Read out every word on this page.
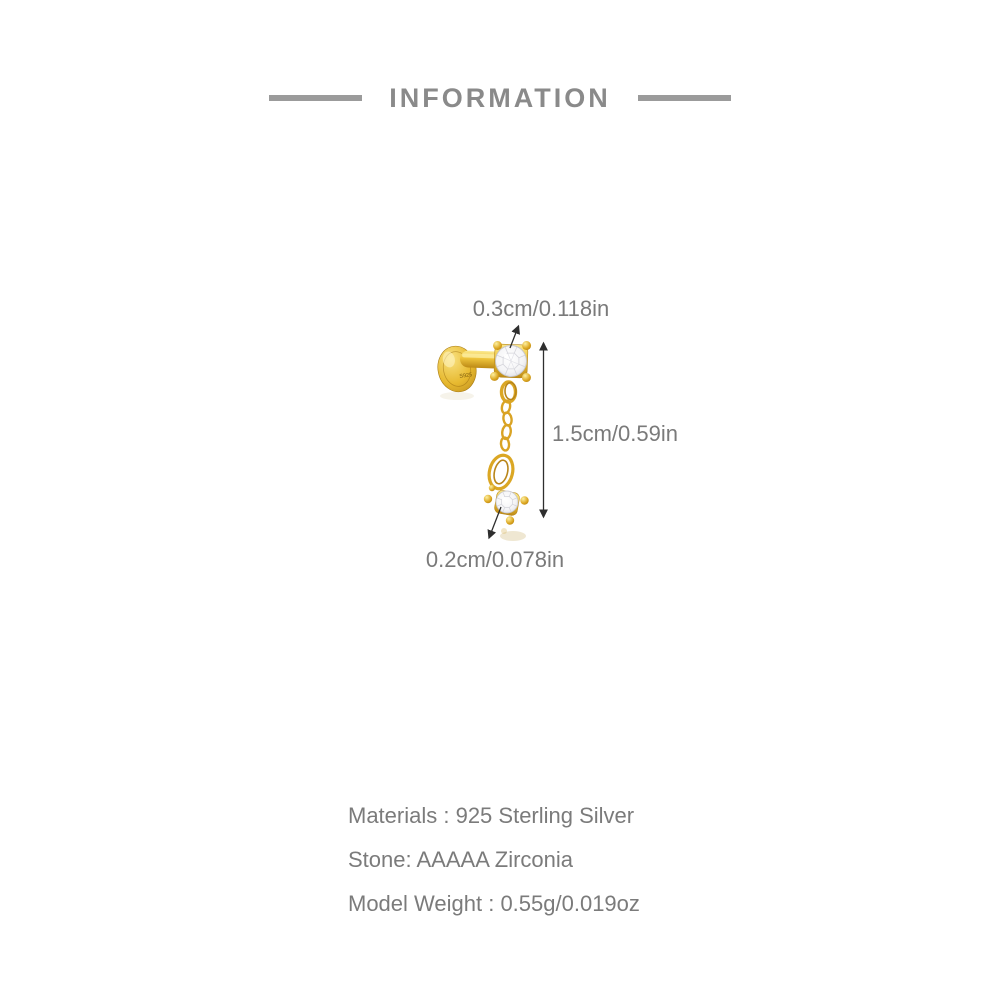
INFORMATION
S925
0.3cm/0.118in
1.5cm/0.59in
0.2cm/0.078in
Materials : 925 Sterling Silver
Stone: AAAAA Zirconia
Model Weight : 0.55g/0.019oz
